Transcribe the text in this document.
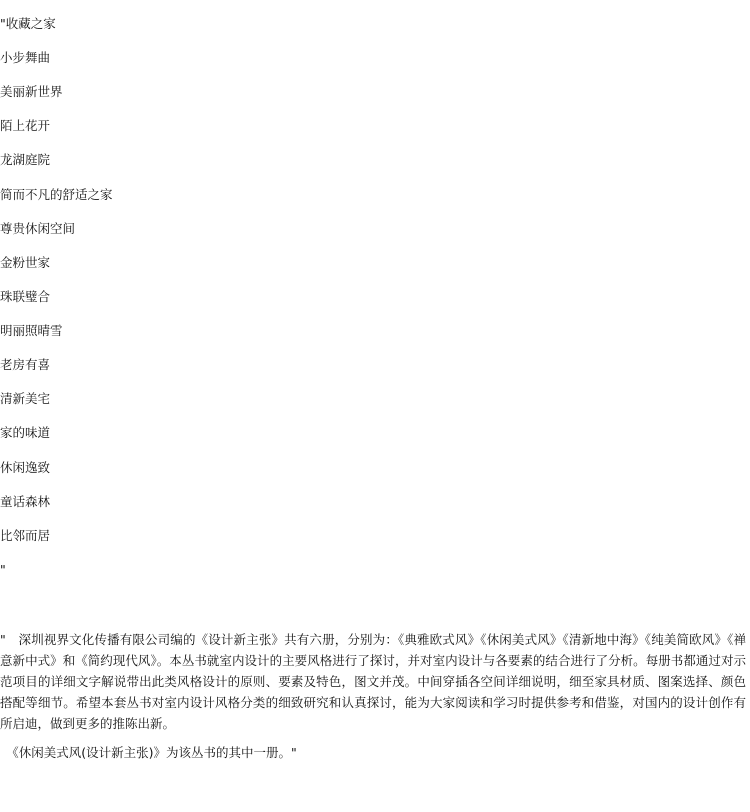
"收藏之家
小步舞曲
美丽新世界
陌上花开
龙湖庭院
简而不凡的舒适之家
尊贵休闲空间
金粉世家
珠联璧合
明丽照晴雪
老房有喜
清新美宅
家的味道
休闲逸致
童话森林
比邻而居
"
"　深圳视界文化传播有限公司编的《设计新主张》共有六册，分别为：《典雅欧式风》《休闲美式风》《清新地中海》《纯美简欧风》《禅意新中式》和《简约现代风》。本丛书就室内设计的主要风格进行了探讨，并对室内设计与各要素的结合进行了分析。每册书都通过对示范项目的详细文字解说带出此类风格设计的原则、要素及特色，图文并茂。中间穿插各空间详细说明，细至家具材质、图案选择、颜色搭配等细节。希望本套丛书对室内设计风格分类的细致研究和认真探讨，能为大家阅读和学习时提供参考和借鉴，对国内的设计创作有所启迪，做到更多的推陈出新。
　《休闲美式风(设计新主张)》为该丛书的其中一册。"
